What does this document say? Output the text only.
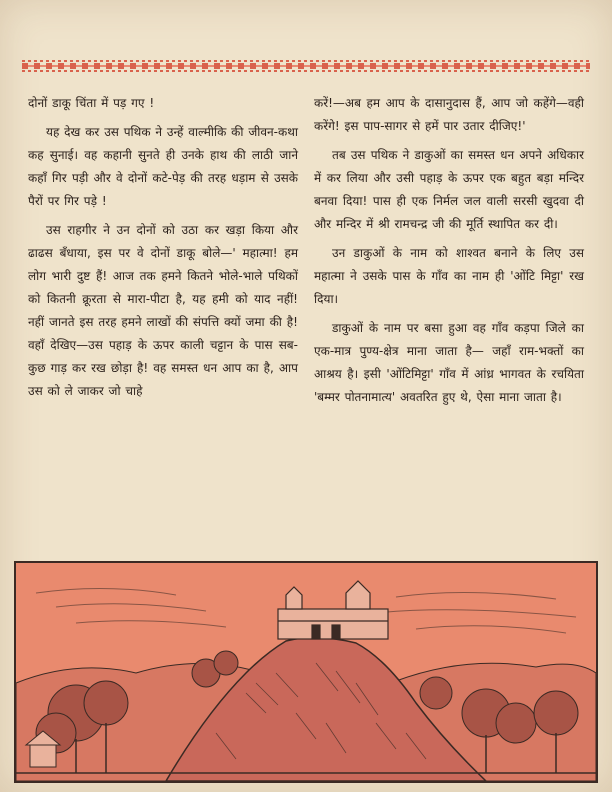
दोनों डाकू चिंता में पड़ गए !

यह देख कर उस पथिक ने उन्हें वाल्मीकि की जीवन-कथा कह सुनाई। वह कहानी सुनते ही उनके हाथ की लाठी जाने कहाँ गिर पड़ी और वे दोनों कटे-पेड़ की तरह धड़ाम से उसके पैरों पर गिर पड़े !

उस राहगीर ने उन दोनों को उठा कर खड़ा किया और ढाढस बँधाया, इस पर वे दोनों डाकू बोले—' महात्मा! हम लोग भारी दुष्ट हैं! आज तक हमने कितने भोले-भाले पथिकों को कितनी क्रूरता से मारा-पीटा है, यह हमी को याद नहीं! नहीं जानते इस तरह हमने लाखों की संपत्ति क्यों जमा की है! वहाँ देखिए—उस पहाड़ के ऊपर काली चट्टान के पास सब-कुछ गाड़ कर रख छोड़ा है! वह समस्त धन आप का है, आप उस को ले जाकर जो चाहे

करें!—अब हम आप के दासानुदास हैं, आप जो कहेंगे—वही करेंगे! इस पाप-सागर से हमें पार उतार दीजिए!'

तब उस पथिक ने डाकुओं का समस्त धन अपने अधिकार में कर लिया और उसी पहाड़ के ऊपर एक बहुत बड़ा मन्दिर बनवा दिया! पास ही एक निर्मल जल वाली सरसी खुदवा दी और मन्दिर में श्री रामचन्द्र जी की मूर्ति स्थापित कर दी।

उन डाकुओं के नाम को शाश्वत बनाने के लिए उस महात्मा ने उसके पास के गाँव का नाम ही 'ओंटि मिट्टा' रख दिया।

डाकुओं के नाम पर बसा हुआ वह गाँव कड़पा जिले का एक-मात्र पुण्य-क्षेत्र माना जाता है— जहाँ राम-भक्तों का आश्रय है। इसी 'ओंटिमिट्टा' गाँव में आंध्र भागवत के रचयिता 'बम्मर पोतनामात्य' अवतरित हुए थे, ऐसा माना जाता है।
